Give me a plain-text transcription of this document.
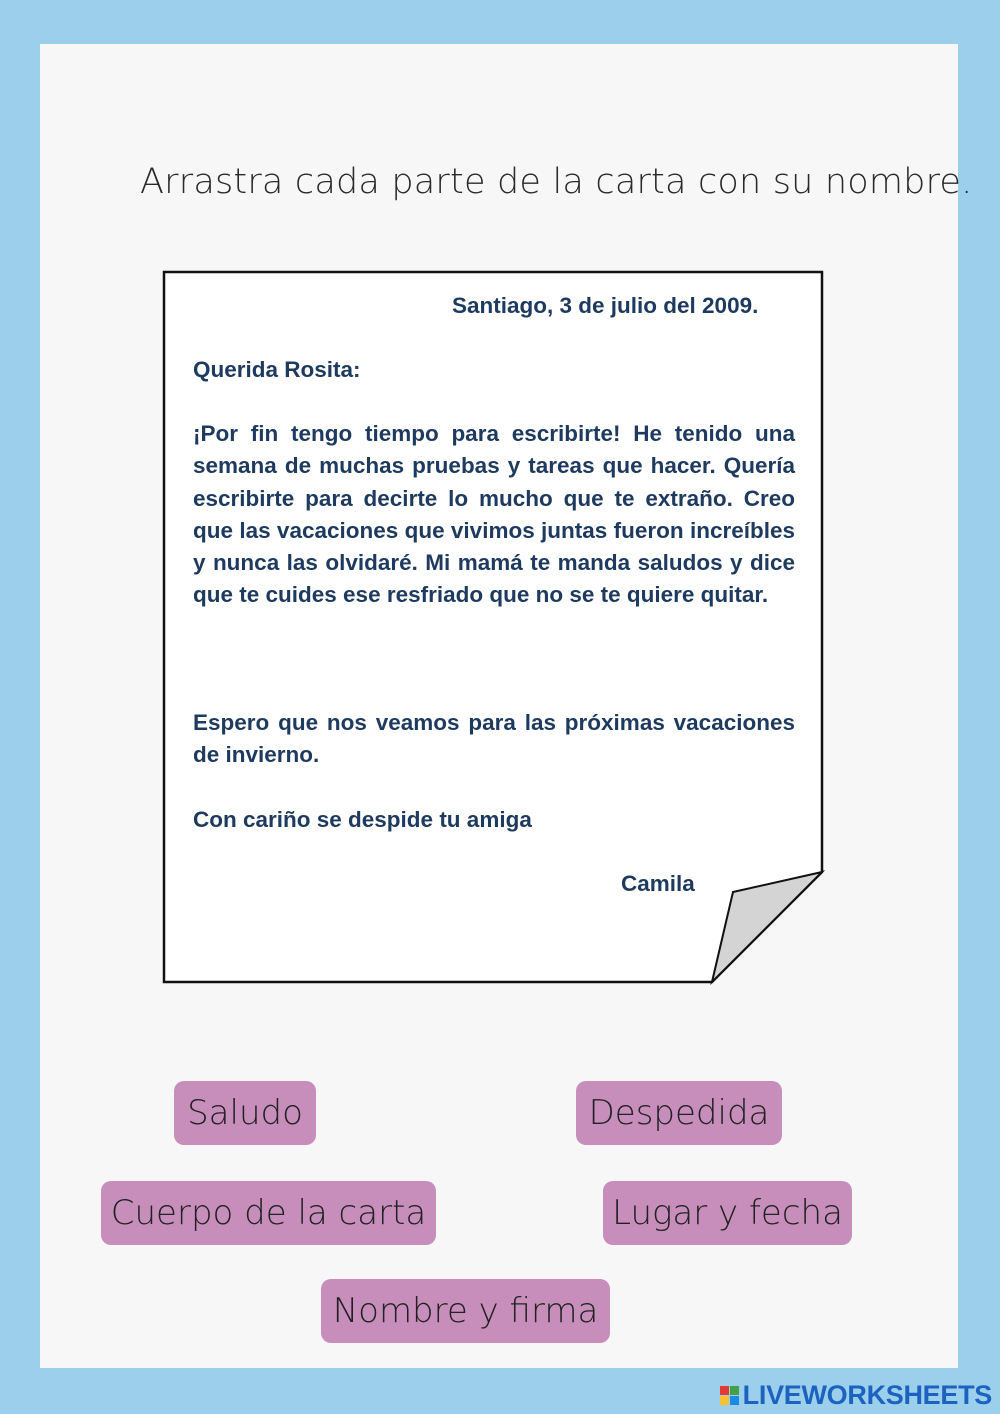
Arrastra cada parte de la carta con su nombre.
Santiago, 3 de julio del 2009.
Querida Rosita:
¡Por fin tengo tiempo para escribirte! He tenido una semana de muchas pruebas y tareas que hacer. Quería escribirte para decirte lo mucho que te extraño. Creo que las vacaciones que vivimos juntas fueron increíbles y nunca las olvidaré. Mi mamá te manda saludos y dice que te cuides ese resfriado que no se te quiere quitar.
Espero que nos veamos para las próximas vacaciones de invierno.
Con cariño se despide tu amiga
Camila
Saludo	Despedida
Cuerpo de la carta	Lugar y fecha
Nombre y firma
LIVEWORKSHEETS
